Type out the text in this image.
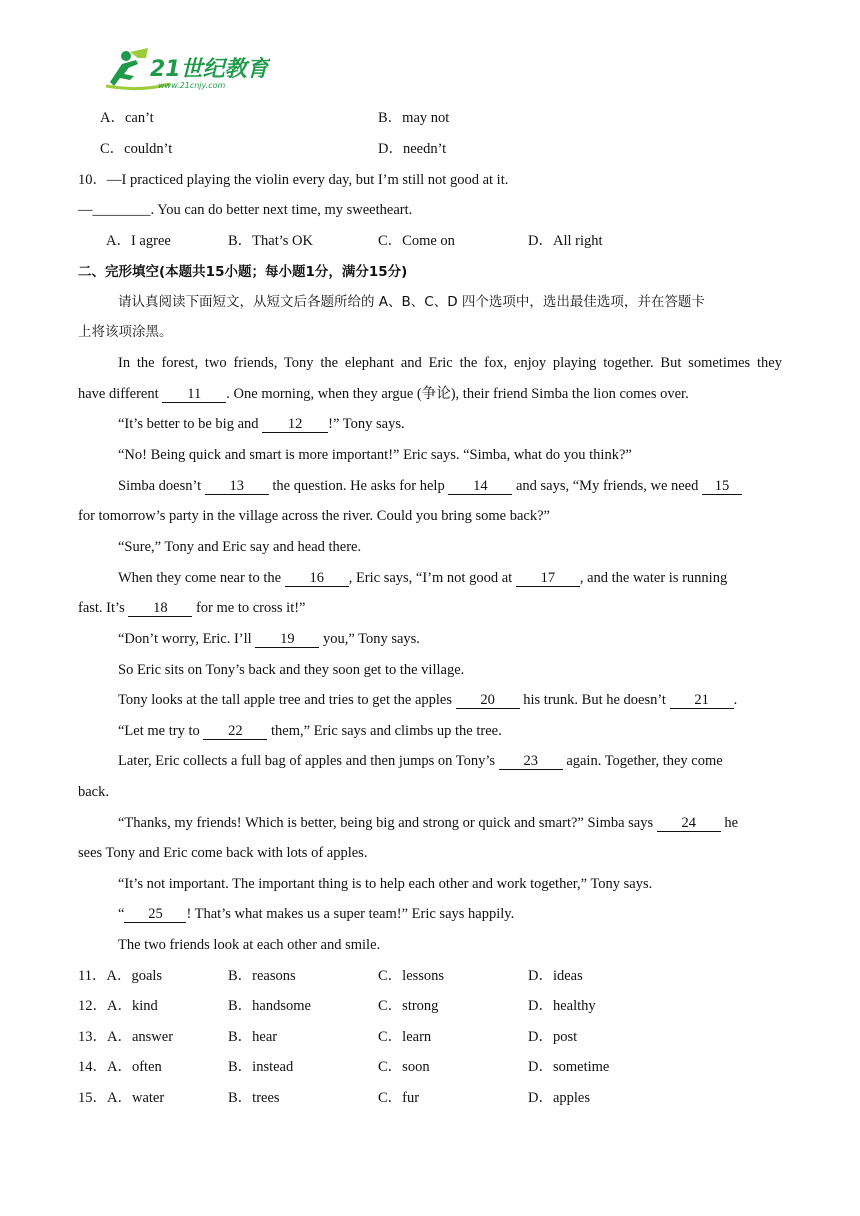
21世纪教育
www.21cnjy.com
A．can’t	B．may not
C．couldn’t	D．needn’t
10．—I practiced playing the violin every day, but I’m still not good at it.
—________. You can do better next time, my sweetheart.
A．I agree	B．That’s OK	C．Come on	D．All right
二、完形填空(本题共15小题；每小题1分，满分15分)
请认真阅读下面短文，从短文后各题所给的 A、B、C、D 四个选项中，选出最佳选项，并在答题卡
上将该项涂黑。
In the forest, two friends, Tony the elephant and Eric the fox, enjoy playing together. But sometimes they
have different 11 . One morning, when they argue (争论), their friend Simba the lion comes over.
“It’s better to be big and 12 !” Tony says.
“No! Being quick and smart is more important!” Eric says. “Simba, what do you think?”
Simba doesn’t 13 the question. He asks for help 14 and says, “My friends, we need 15
for tomorrow’s party in the village across the river. Could you bring some back?”
“Sure,” Tony and Eric say and head there.
When they come near to the 16 , Eric says, “I’m not good at 17 , and the water is running
fast. It’s 18 for me to cross it!”
“Don’t worry, Eric. I’ll 19 you,” Tony says.
So Eric sits on Tony’s back and they soon get to the village.
Tony looks at the tall apple tree and tries to get the apples 20 his trunk. But he doesn’t 21 .
“Let me try to 22 them,” Eric says and climbs up the tree.
Later, Eric collects a full bag of apples and then jumps on Tony’s 23 again. Together, they come
back.
“Thanks, my friends! Which is better, being big and strong or quick and smart?” Simba says 24 he
sees Tony and Eric come back with lots of apples.
“It’s not important. The important thing is to help each other and work together,” Tony says.
“ 25 ! That’s what makes us a super team!” Eric says happily.
The two friends look at each other and smile.
11．A．goals	B．reasons	C．lessons	D．ideas
12．A．kind	B．handsome	C．strong	D．healthy
13．A．answer	B．hear	C．learn	D．post
14．A．often	B．instead	C．soon	D．sometime
15．A．water	B．trees	C．fur	D．apples
